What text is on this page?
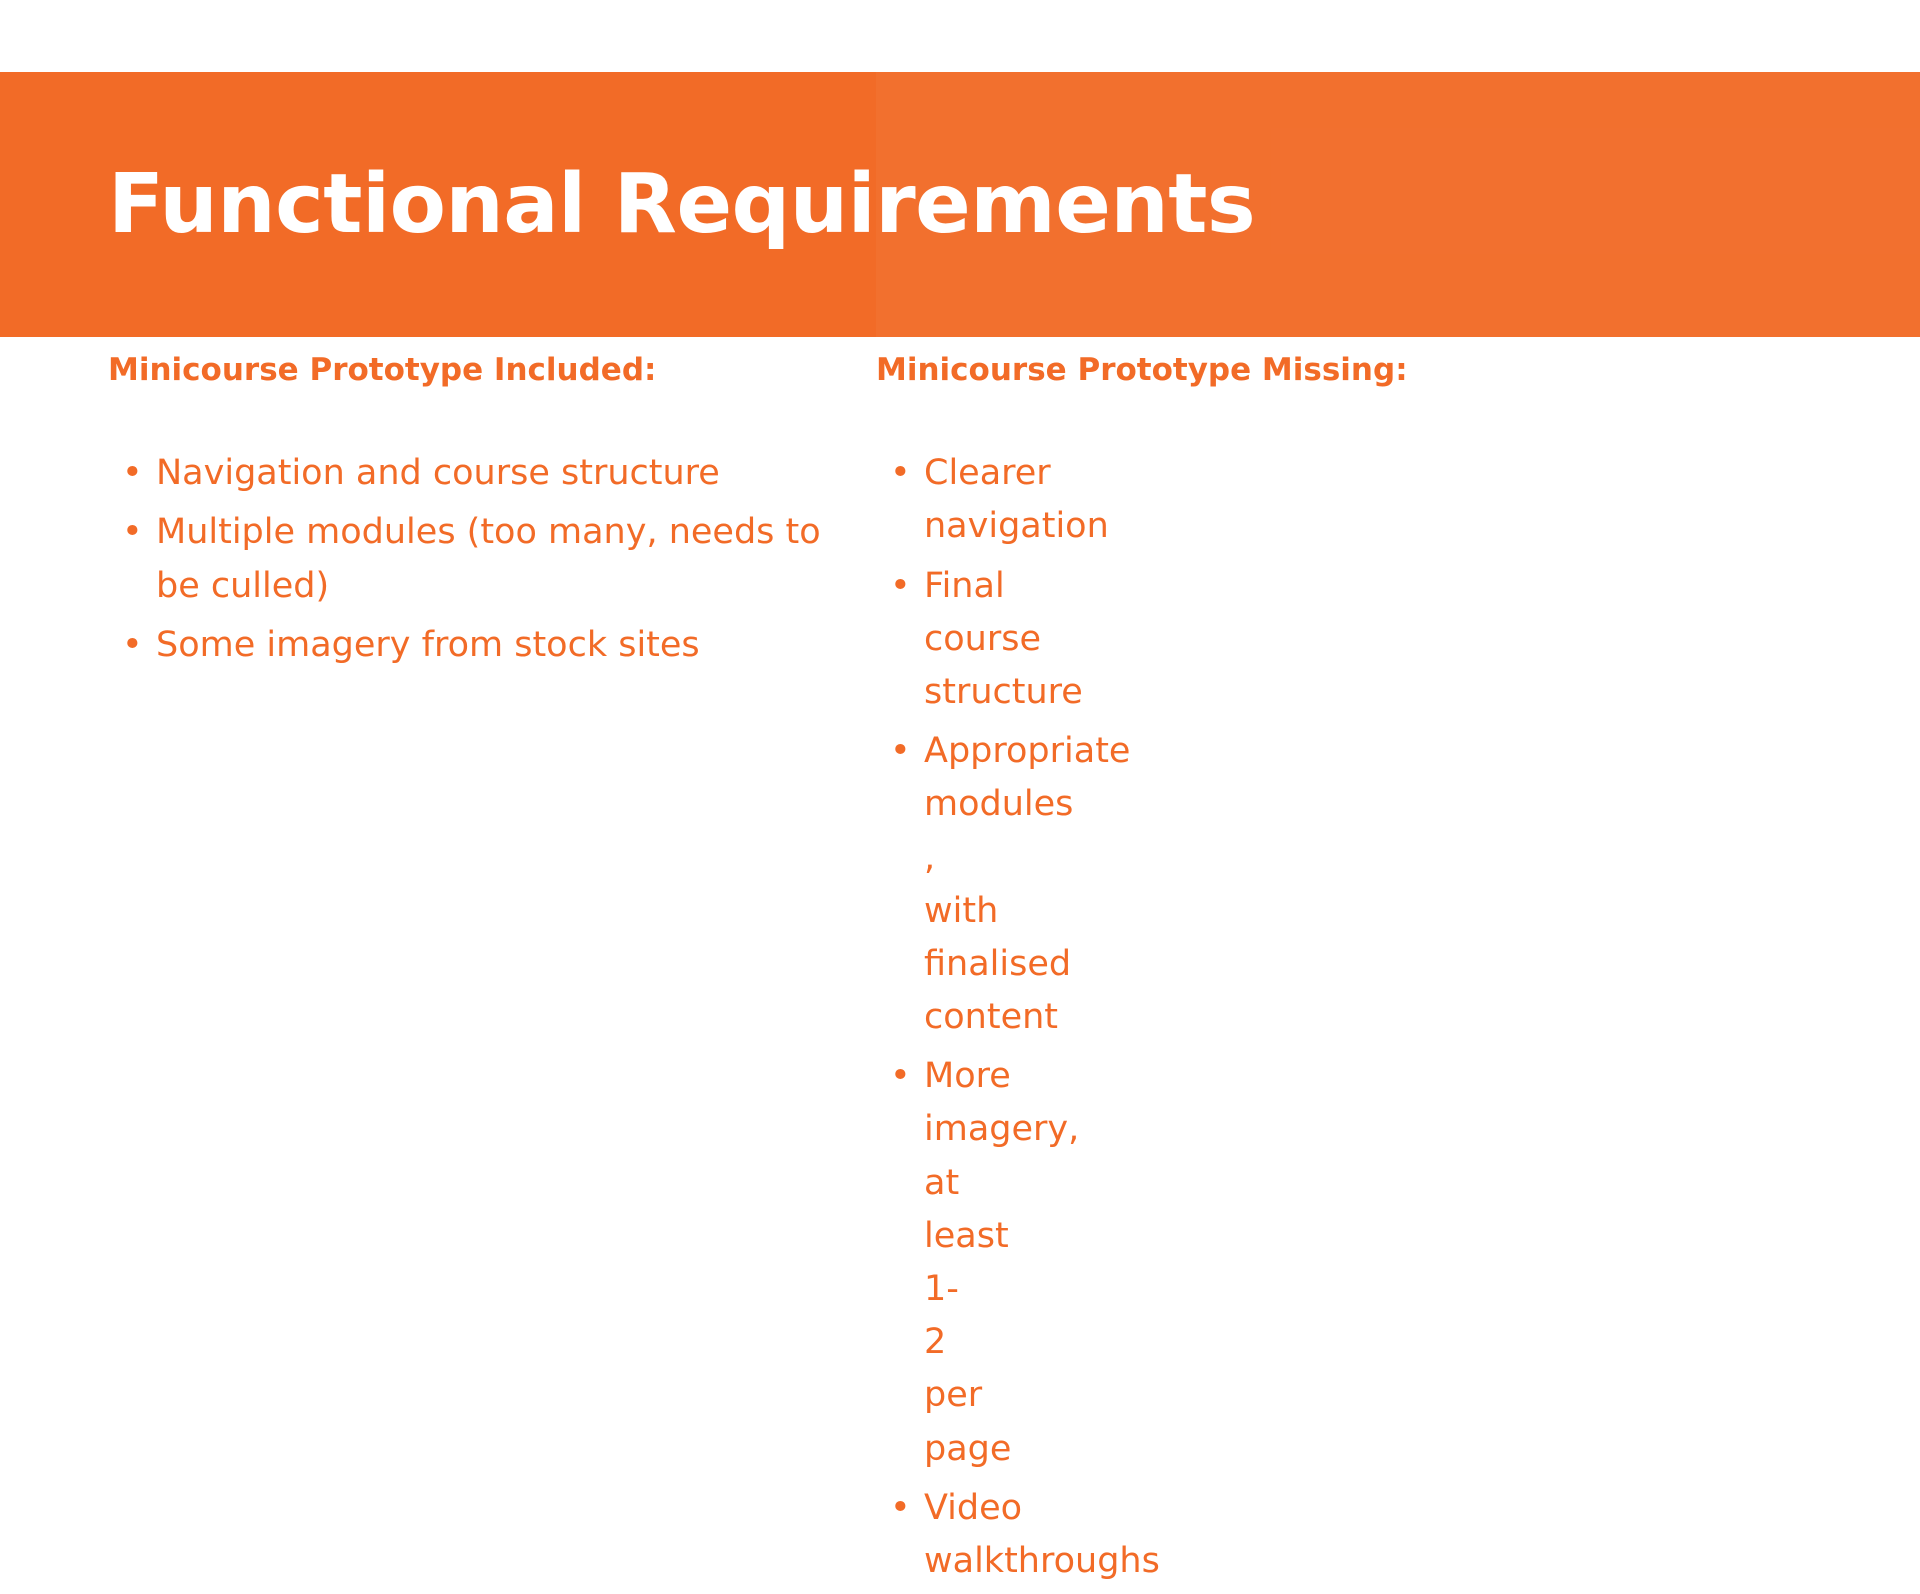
Functional Requirements
Minicourse Prototype Included:
• Navigation and course structure
• Multiple modules (too many, needs to be culled)
• Some imagery from stock sites
Minicourse Prototype Missing:
• Clearer navigation
• Final course structure
• Appropriate modules , with finalised content
• More imagery, at least 1-2 per page
• Video walkthroughs
